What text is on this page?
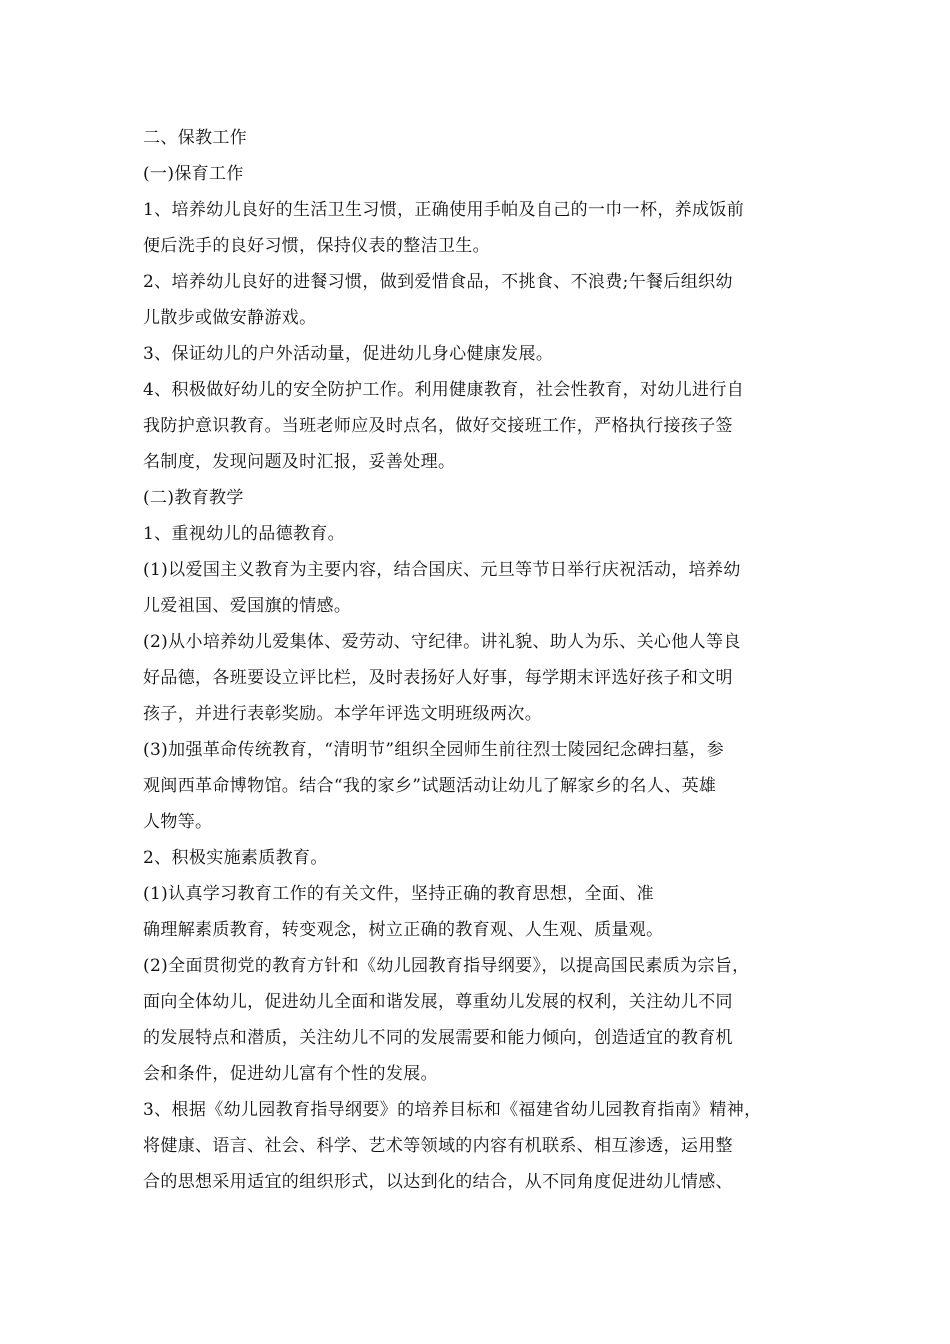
二、保教工作
(一)保育工作
1、培养幼儿良好的生活卫生习惯，正确使用手帕及自己的一巾一杯，养成饭前
便后洗手的良好习惯，保持仪表的整洁卫生。
2、培养幼儿良好的进餐习惯，做到爱惜食品，不挑食、不浪费;午餐后组织幼
儿散步或做安静游戏。
3、保证幼儿的户外活动量，促进幼儿身心健康发展。
4、积极做好幼儿的安全防护工作。利用健康教育，社会性教育，对幼儿进行自
我防护意识教育。当班老师应及时点名，做好交接班工作，严格执行接孩子签
名制度，发现问题及时汇报，妥善处理。
(二)教育教学
1、重视幼儿的品德教育。
(1)以爱国主义教育为主要内容，结合国庆、元旦等节日举行庆祝活动，培养幼
儿爱祖国、爱国旗的情感。
(2)从小培养幼儿爱集体、爱劳动、守纪律。讲礼貌、助人为乐、关心他人等良
好品德，各班要设立评比栏，及时表扬好人好事，每学期末评选好孩子和文明
孩子，并进行表彰奖励。本学年评选文明班级两次。
(3)加强革命传统教育，“清明节”组织全园师生前往烈士陵园纪念碑扫墓，参
观闽西革命博物馆。结合“我的家乡”试题活动让幼儿了解家乡的名人、英雄
人物等。
2、积极实施素质教育。
(1)认真学习教育工作的有关文件，坚持正确的教育思想，全面、准
确理解素质教育，转变观念，树立正确的教育观、人生观、质量观。
(2)全面贯彻党的教育方针和《幼儿园教育指导纲要》，以提高国民素质为宗旨，
面向全体幼儿，促进幼儿全面和谐发展，尊重幼儿发展的权利，关注幼儿不同
的发展特点和潜质，关注幼儿不同的发展需要和能力倾向，创造适宜的教育机
会和条件，促进幼儿富有个性的发展。
3、根据《幼儿园教育指导纲要》的培养目标和《福建省幼儿园教育指南》精神，
将健康、语言、社会、科学、艺术等领域的内容有机联系、相互渗透，运用整
合的思想采用适宜的组织形式，以达到化的结合，从不同角度促进幼儿情感、
